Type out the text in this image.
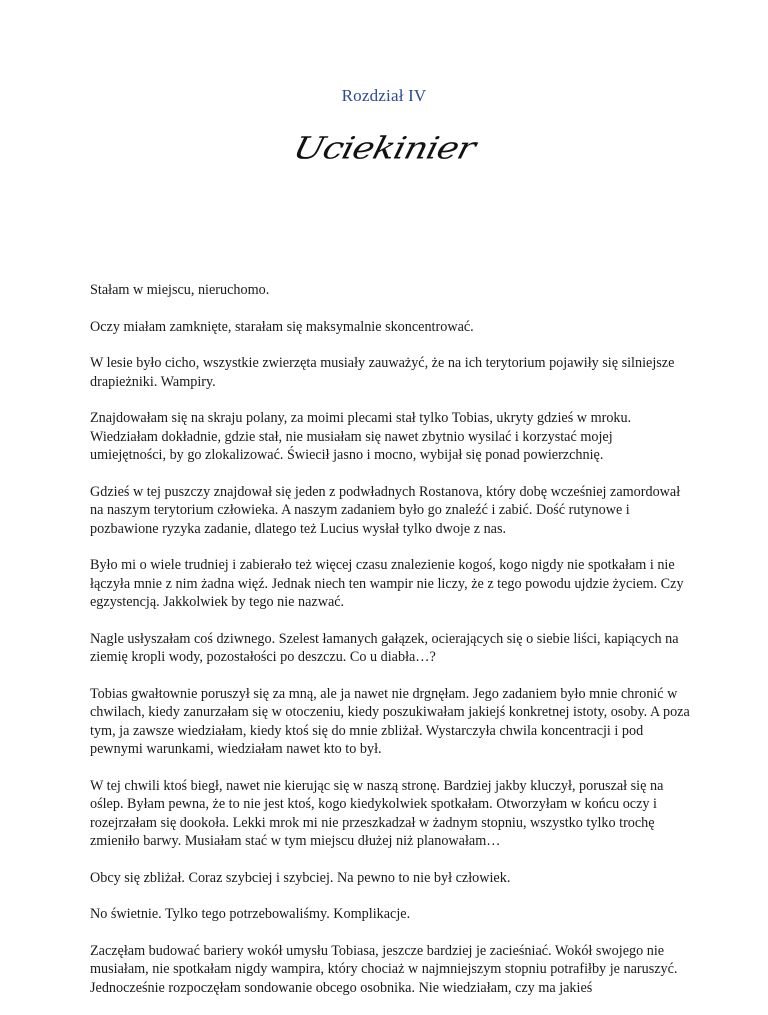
Rozdział IV
Uciekinier

Stałam w miejscu, nieruchomo.

Oczy miałam zamknięte, starałam się maksymalnie skoncentrować.

W lesie było cicho, wszystkie zwierzęta musiały zauważyć, że na ich terytorium pojawiły się silniejsze drapieżniki. Wampiry.

Znajdowałam się na skraju polany, za moimi plecami stał tylko Tobias, ukryty gdzieś w mroku. Wiedziałam dokładnie, gdzie stał, nie musiałam się nawet zbytnio wysilać i korzystać mojej umiejętności, by go zlokalizować. Świecił jasno i mocno, wybijał się ponad powierzchnię.

Gdzieś w tej puszczy znajdował się jeden z podwładnych Rostanova, który dobę wcześniej zamordował na naszym terytorium człowieka. A naszym zadaniem było go znaleźć i zabić. Dość rutynowe i pozbawione ryzyka zadanie, dlatego też Lucius wysłał tylko dwoje z nas.

Było mi o wiele trudniej i zabierało też więcej czasu znalezienie kogoś, kogo nigdy nie spotkałam i nie łączyła mnie z nim żadna więź. Jednak niech ten wampir nie liczy, że z tego powodu ujdzie życiem. Czy egzystencją. Jakkolwiek by tego nie nazwać.

Nagle usłyszałam coś dziwnego. Szelest łamanych gałązek, ocierających się o siebie liści, kapiących na ziemię kropli wody, pozostałości po deszczu. Co u diabła…?

Tobias gwałtownie poruszył się za mną, ale ja nawet nie drgnęłam. Jego zadaniem było mnie chronić w chwilach, kiedy zanurzałam się w otoczeniu, kiedy poszukiwałam jakiejś konkretnej istoty, osoby. A poza tym, ja zawsze wiedziałam, kiedy ktoś się do mnie zbliżał. Wystarczyła chwila koncentracji i pod pewnymi warunkami, wiedziałam nawet kto to był.

W tej chwili ktoś biegł, nawet nie kierując się w naszą stronę. Bardziej jakby kluczył, poruszał się na oślep. Byłam pewna, że to nie jest ktoś, kogo kiedykolwiek spotkałam. Otworzyłam w końcu oczy i rozejrzałam się dookoła. Lekki mrok mi nie przeszkadzał w żadnym stopniu, wszystko tylko trochę zmieniło barwy. Musiałam stać w tym miejscu dłużej niż planowałam…

Obcy się zbliżał. Coraz szybciej i szybciej. Na pewno to nie był człowiek.

No świetnie. Tylko tego potrzebowaliśmy. Komplikacje.

Zaczęłam budować bariery wokół umysłu Tobiasa, jeszcze bardziej je zacieśniać. Wokół swojego nie musiałam, nie spotkałam nigdy wampira, który chociaż w najmniejszym stopniu potrafiłby je naruszyć. Jednocześnie rozpoczęłam sondowanie obcego osobnika. Nie wiedziałam, czy ma jakieś
